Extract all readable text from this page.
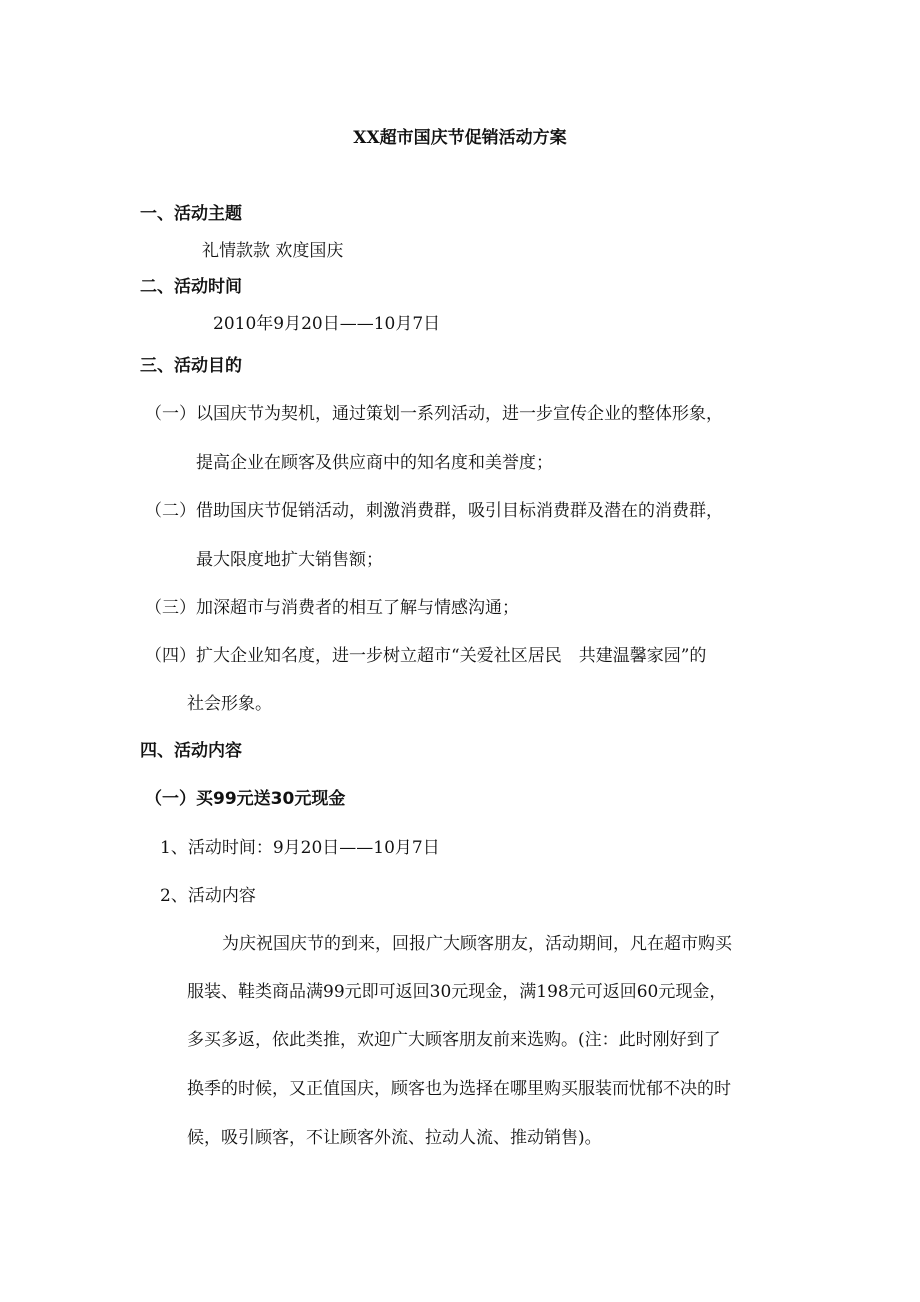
XX超市国庆节促销活动方案
一、活动主题
礼情款款 欢度国庆
二、活动时间
2010年9月20日——10月7日
三、活动目的
（一）以国庆节为契机，通过策划一系列活动，进一步宣传企业的整体形象，
提高企业在顾客及供应商中的知名度和美誉度；
（二）借助国庆节促销活动，刺激消费群，吸引目标消费群及潜在的消费群，
最大限度地扩大销售额；
（三）加深超市与消费者的相互了解与情感沟通；
（四）扩大企业知名度，进一步树立超市“关爱社区居民　共建温馨家园”的
社会形象。
四、活动内容
（一）买99元送30元现金
1、活动时间：9月20日——10月7日
2、活动内容
为庆祝国庆节的到来，回报广大顾客朋友，活动期间，凡在超市购买
服装、鞋类商品满99元即可返回30元现金，满198元可返回60元现金，
多买多返，依此类推，欢迎广大顾客朋友前来选购。(注：此时刚好到了
换季的时候，又正值国庆，顾客也为选择在哪里购买服装而忧郁不决的时
候，吸引顾客，不让顾客外流、拉动人流、推动销售)。
